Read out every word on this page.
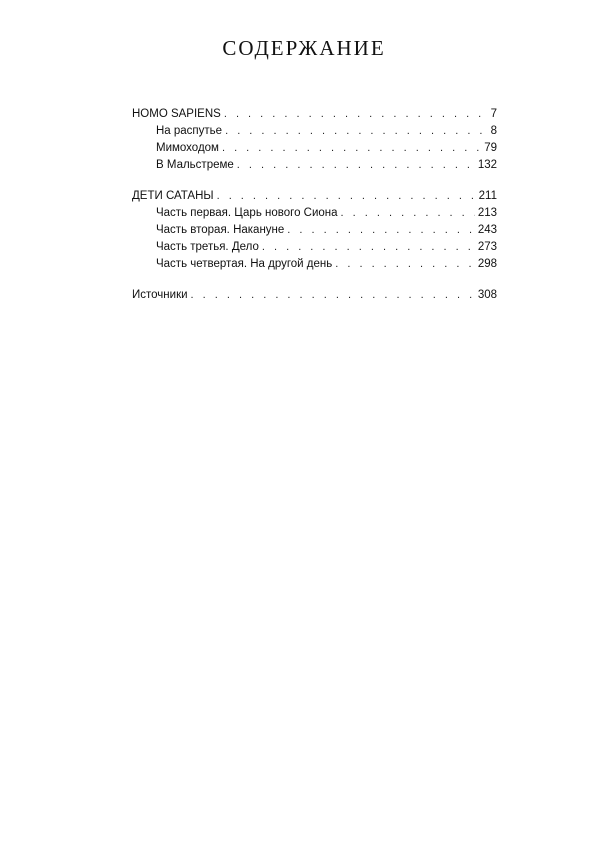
СОДЕРЖАНИЕ
HOMO SAPIENS . . .	7
На распутье . . .	8
Мимоходом . . .	79
В Мальстреме . . .	132
ДЕТИ САТАНЫ . . .	211
Часть первая. Царь нового Сиона . . .	213
Часть вторая. Накануне . . .	243
Часть третья. Дело . . .	273
Часть четвертая. На другой день . . .	298
Источники . . .	308
